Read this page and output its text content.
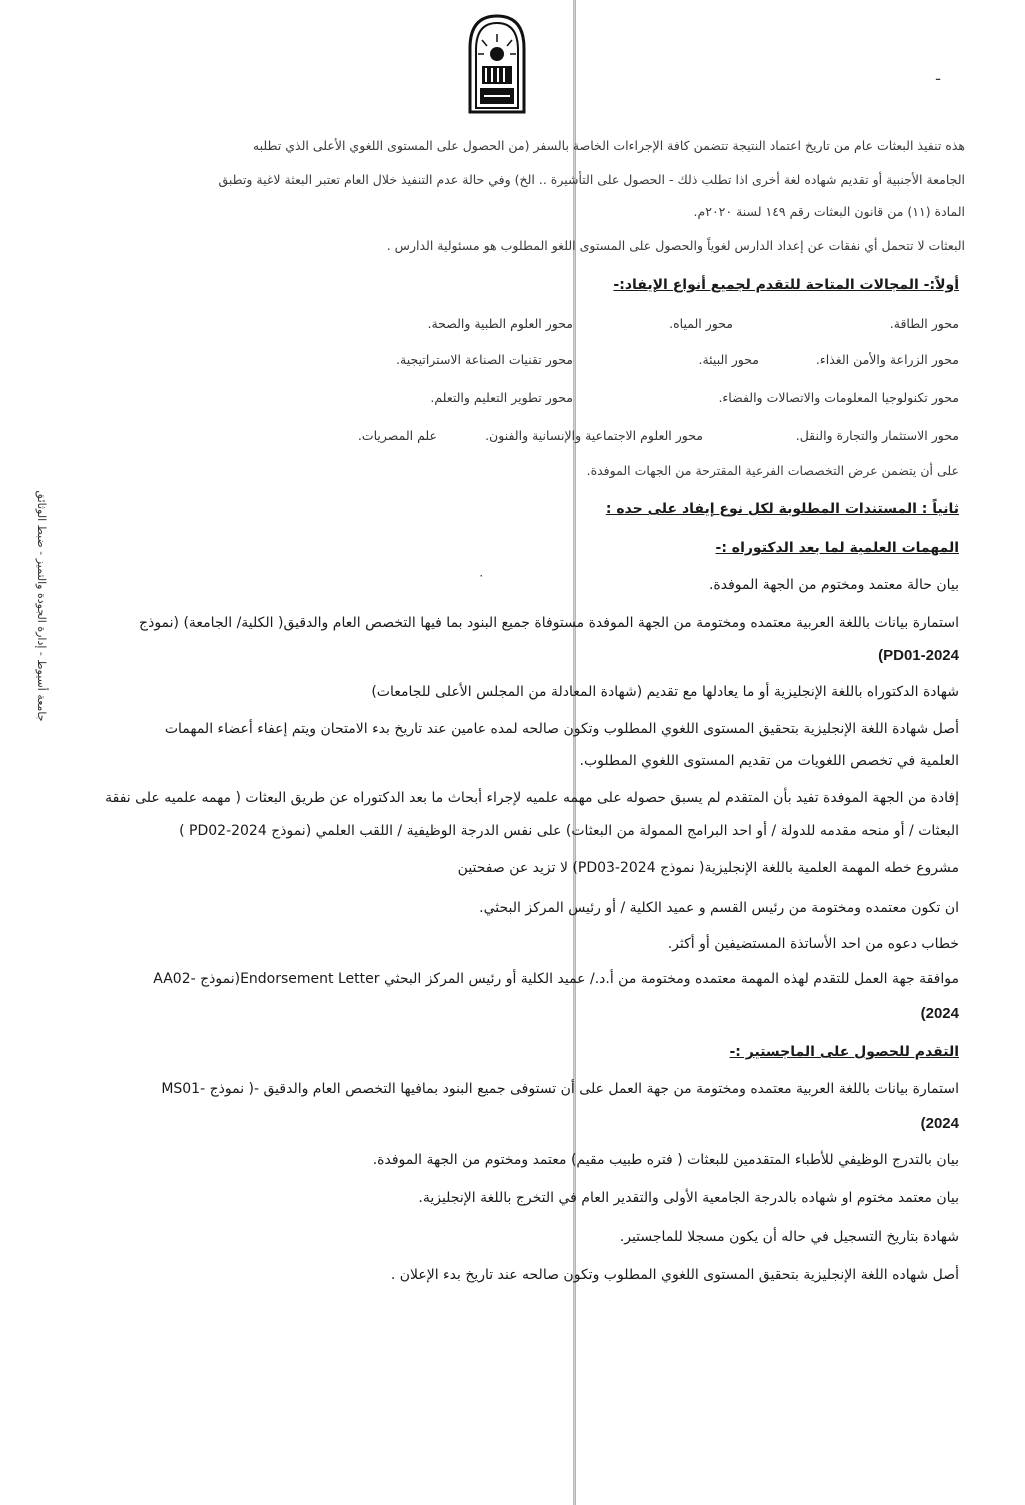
ـ
٠
جامعة أسيوط - إدارة الجودة والتميز - ضبط الوثائق
هذه تنفيذ البعثات عام من تاريخ اعتماد النتيجة تتضمن كافة الإجراءات الخاصة بالسفر (من الحصول على المستوى اللغوي الأعلى الذي تطلبه
الجامعة الأجنبية أو تقديم شهاده لغة أخرى اذا تطلب ذلك - الحصول على التأشيرة .. الخ) وفي حالة عدم التنفيذ خلال العام تعتبر البعثة لاغية وتطبق
المادة (١١) من قانون البعثات رقم ١٤٩ لسنة ٢٠٢٠م.
البعثات لا تتحمل أي نفقات عن إعداد الدارس لغوياً والحصول على المستوى اللغو المطلوب هو مسئولية الدارس .
أولاً:- المجالات المتاحة للتقدم لجميع أنواع الإيفاد:-
محور الطاقة.
محور المياه.
محور العلوم الطبية والصحة.
محور الزراعة والأمن الغذاء.
محور البيئة.
محور تقنيات الصناعة الاستراتيجية.
محور تكنولوجيا المعلومات والاتصالات والفضاء.
محور تطوير التعليم والتعلم.
محور الاستثمار والتجارة والنقل.
محور العلوم الاجتماعية والإنسانية والفنون.
علم المصريات.
على أن يتضمن عرض التخصصات الفرعية المقترحة من الجهات الموفدة.
ثانياً : المستندات المطلوبة لكل نوع إيفاد على حده :
المهمات العلمية لما بعد الدكتوراه :-
بيان حالة معتمد ومختوم من الجهة الموفدة.
استمارة بيانات باللغة العربية معتمده ومختومة من الجهة الموفدة مستوفاة جميع البنود بما فيها التخصص العام والدقيق( الكلية/ الجامعة) (نموذج
PD01-2024)
شهادة الدكتوراه باللغة الإنجليزية أو ما يعادلها مع تقديم (شهادة المعادلة من المجلس الأعلى للجامعات)
أصل شهادة اللغة الإنجليزية بتحقيق المستوى اللغوي المطلوب وتكون صالحه لمده عامين عند تاريخ بدء الامتحان ويتم إعفاء أعضاء المهمات
العلمية في تخصص اللغويات من تقديم المستوى اللغوي المطلوب.
إفادة من الجهة الموفدة تفيد بأن المتقدم لم يسبق حصوله على مهمه علميه لإجراء أبحاث ما بعد الدكتوراه عن طريق البعثات ( مهمه علميه على نفقة
البعثات / أو منحه مقدمه للدولة / أو احد البرامج الممولة من البعثات) على نفس الدرجة الوظيفية / اللقب العلمي (نموذج PD02-2024 )
مشروع خطه المهمة العلمية باللغة الإنجليزية( نموذج PD03-2024) لا تزيد عن صفحتين
ان تكون معتمده ومختومة من رئيس القسم و عميد الكلية / أو رئيس المركز البحثي.
خطاب دعوه من احد الأساتذة المستضيفين أو أكثر.
موافقة جهة العمل للتقدم لهذه المهمة معتمده ومختومة من أ.د./ عميد الكلية أو رئيس المركز البحثي Endorsement Letter(نموذج -AA02
2024)
التقدم للحصول على الماجستير :-
استمارة بيانات باللغة العربية معتمده ومختومة من جهة العمل على أن تستوفى جميع البنود بمافيها التخصص العام والدقيق -( نموذج -MS01
2024)
بيان بالتدرج الوظيفي للأطباء المتقدمين للبعثات ( فتره طبيب مقيم) معتمد ومختوم من الجهة الموفدة.
بيان معتمد مختوم او شهاده بالدرجة الجامعية الأولى والتقدير العام في التخرج باللغة الإنجليزية.
شهادة بتاريخ التسجيل في حاله أن يكون مسجلا للماجستير.
أصل شهاده اللغة الإنجليزية بتحقيق المستوى اللغوي المطلوب وتكون صالحه عند تاريخ بدء الإعلان .
